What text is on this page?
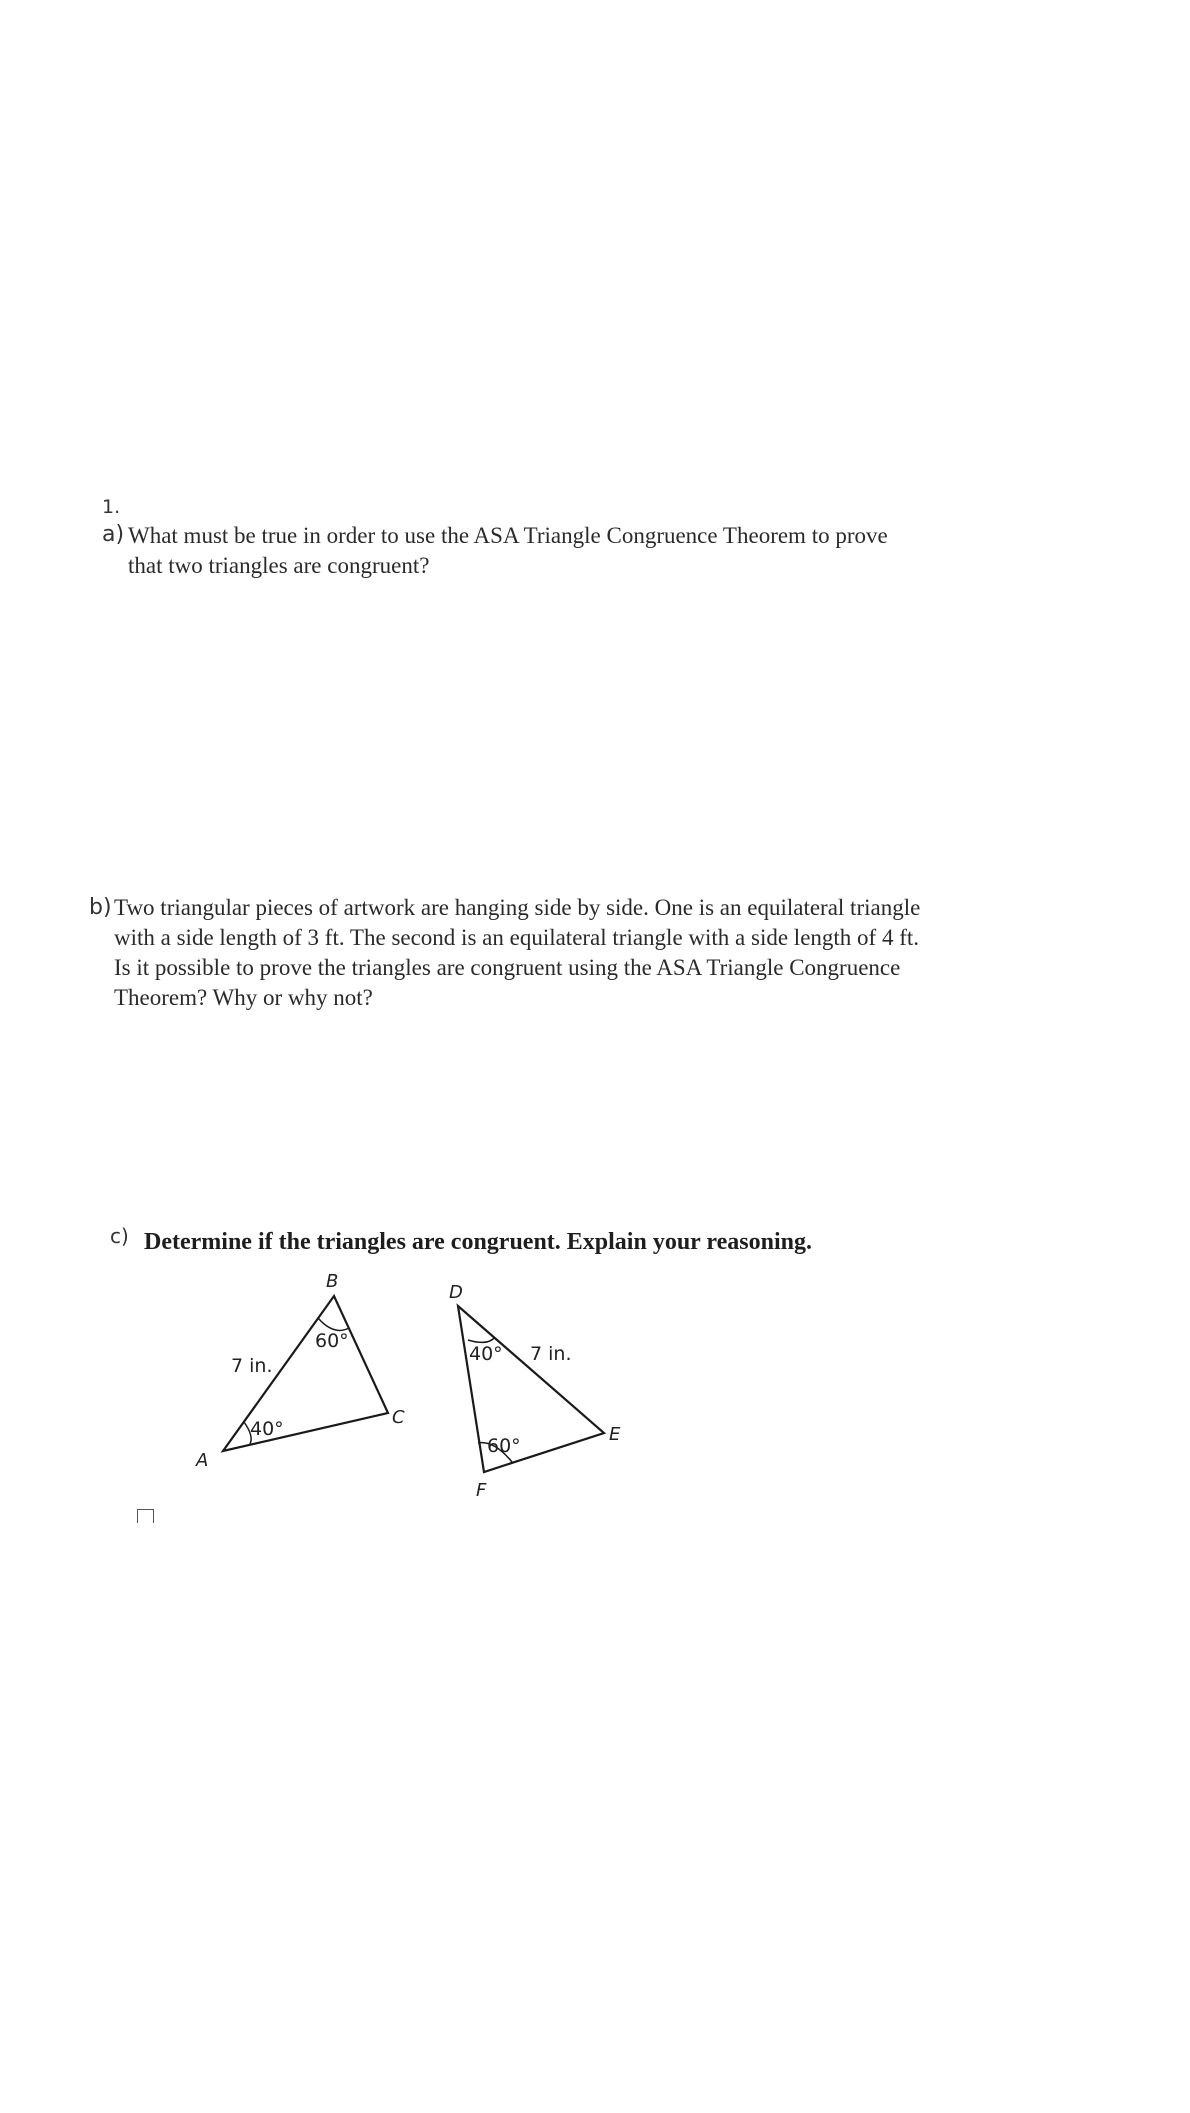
1.
a) What must be true in order to use the ASA Triangle Congruence Theorem to prove
that two triangles are congruent?
b) Two triangular pieces of artwork are hanging side by side. One is an equilateral triangle
with a side length of 3 ft. The second is an equilateral triangle with a side length of 4 ft.
Is it possible to prove the triangles are congruent using the ASA Triangle Congruence
Theorem? Why or why not?
c) Determine if the triangles are congruent. Explain your reasoning.
B
A
C
7 in.
60°
40°
D
E
F
40° 7 in.
60°
